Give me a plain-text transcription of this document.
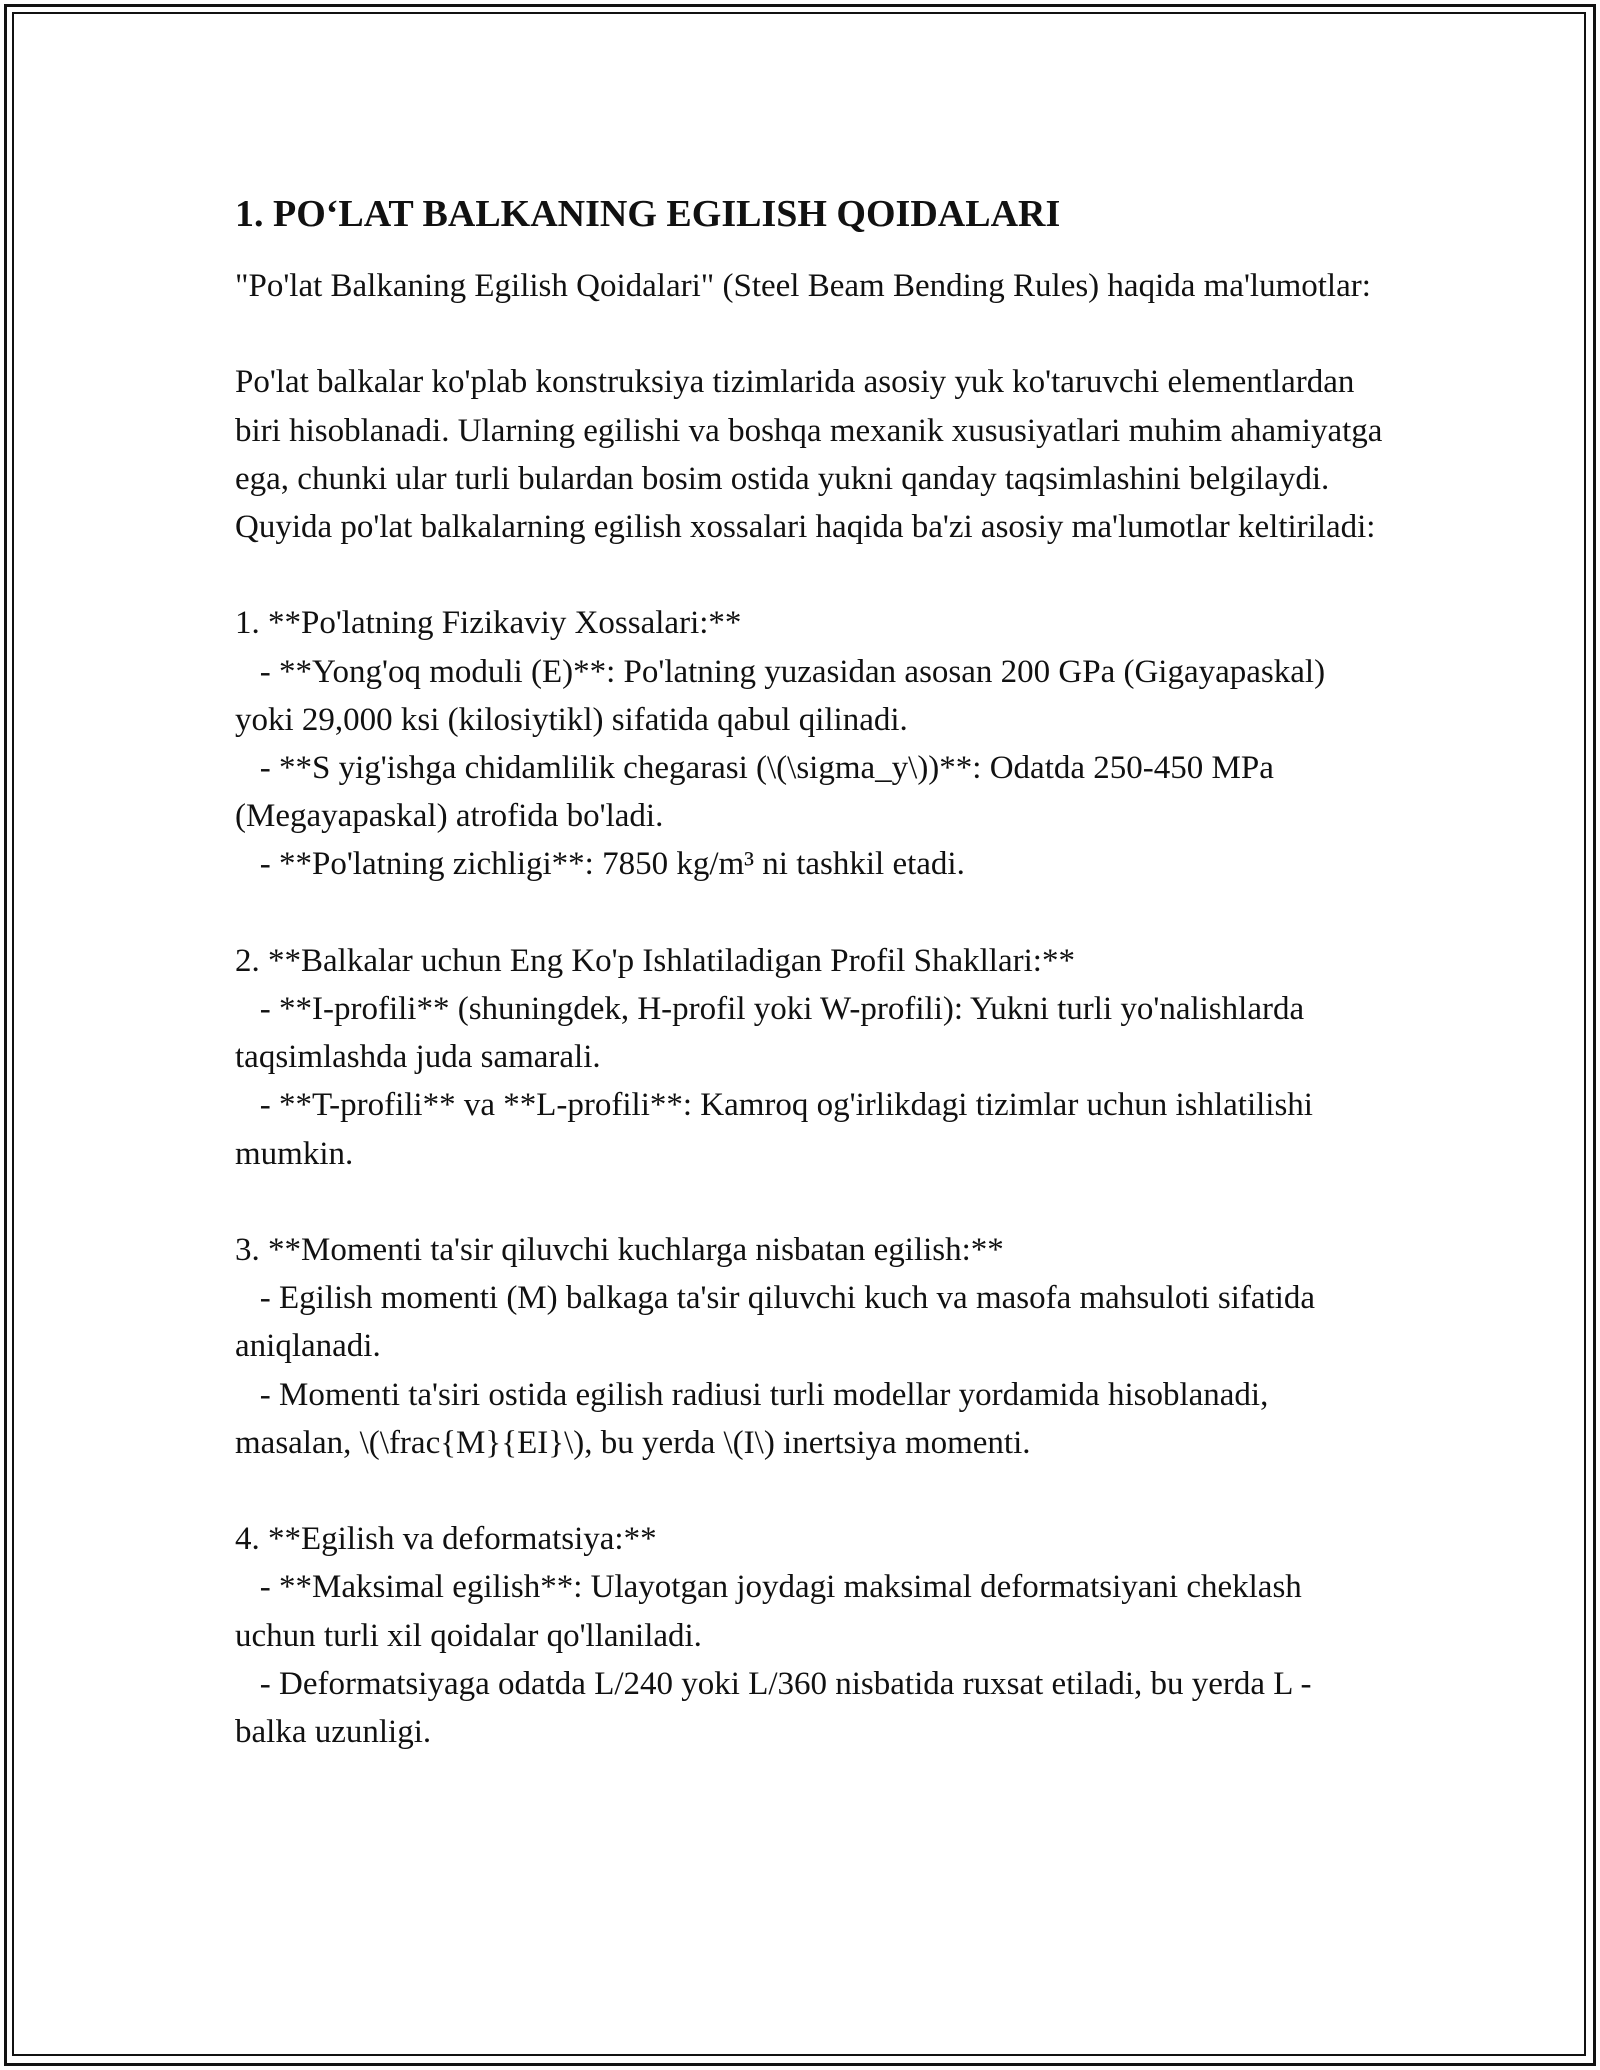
1. PO‘LAT BALKANING EGILISH QOIDALARI

"Po'lat Balkaning Egilish Qoidalari" (Steel Beam Bending Rules) haqida ma'lumotlar:

Po'lat balkalar ko'plab konstruksiya tizimlarida asosiy yuk ko'taruvchi elementlardan biri hisoblanadi. Ularning egilishi va boshqa mexanik xususiyatlari muhim ahamiyatga ega, chunki ular turli bulardan bosim ostida yukni qanday taqsimlashini belgilaydi. Quyida po'lat balkalarning egilish xossalari haqida ba'zi asosiy ma'lumotlar keltiriladi:

1. **Po'latning Fizikaviy Xossalari:**

- **Yong'oq moduli (E)**: Po'latning yuzasidan asosan 200 GPa (Gigayapaskal) yoki 29,000 ksi (kilosiytikl) sifatida qabul qilinadi.

- **S yig'ishga chidamlilik chegarasi (\(\sigma_y\))**: Odatda 250-450 MPa (Megayapaskal) atrofida bo'ladi.

- **Po'latning zichligi**: 7850 kg/m³ ni tashkil etadi.

2. **Balkalar uchun Eng Ko'p Ishlatiladigan Profil Shakllari:**

- **I-profili** (shuningdek, H-profil yoki W-profili): Yukni turli yo'nalishlarda taqsimlashda juda samarali.

- **T-profili** va **L-profili**: Kamroq og'irlikdagi tizimlar uchun ishlatilishi mumkin.

3. **Momenti ta'sir qiluvchi kuchlarga nisbatan egilish:**

- Egilish momenti (M) balkaga ta'sir qiluvchi kuch va masofa mahsuloti sifatida aniqlanadi.

- Momenti ta'siri ostida egilish radiusi turli modellar yordamida hisoblanadi, masalan, \(\frac{M}{EI}\), bu yerda \(I\) inertsiya momenti.

4. **Egilish va deformatsiya:**

- **Maksimal egilish**: Ulayotgan joydagi maksimal deformatsiyani cheklash uchun turli xil qoidalar qo'llaniladi.

- Deformatsiyaga odatda L/240 yoki L/360 nisbatida ruxsat etiladi, bu yerda L - balka uzunligi.
